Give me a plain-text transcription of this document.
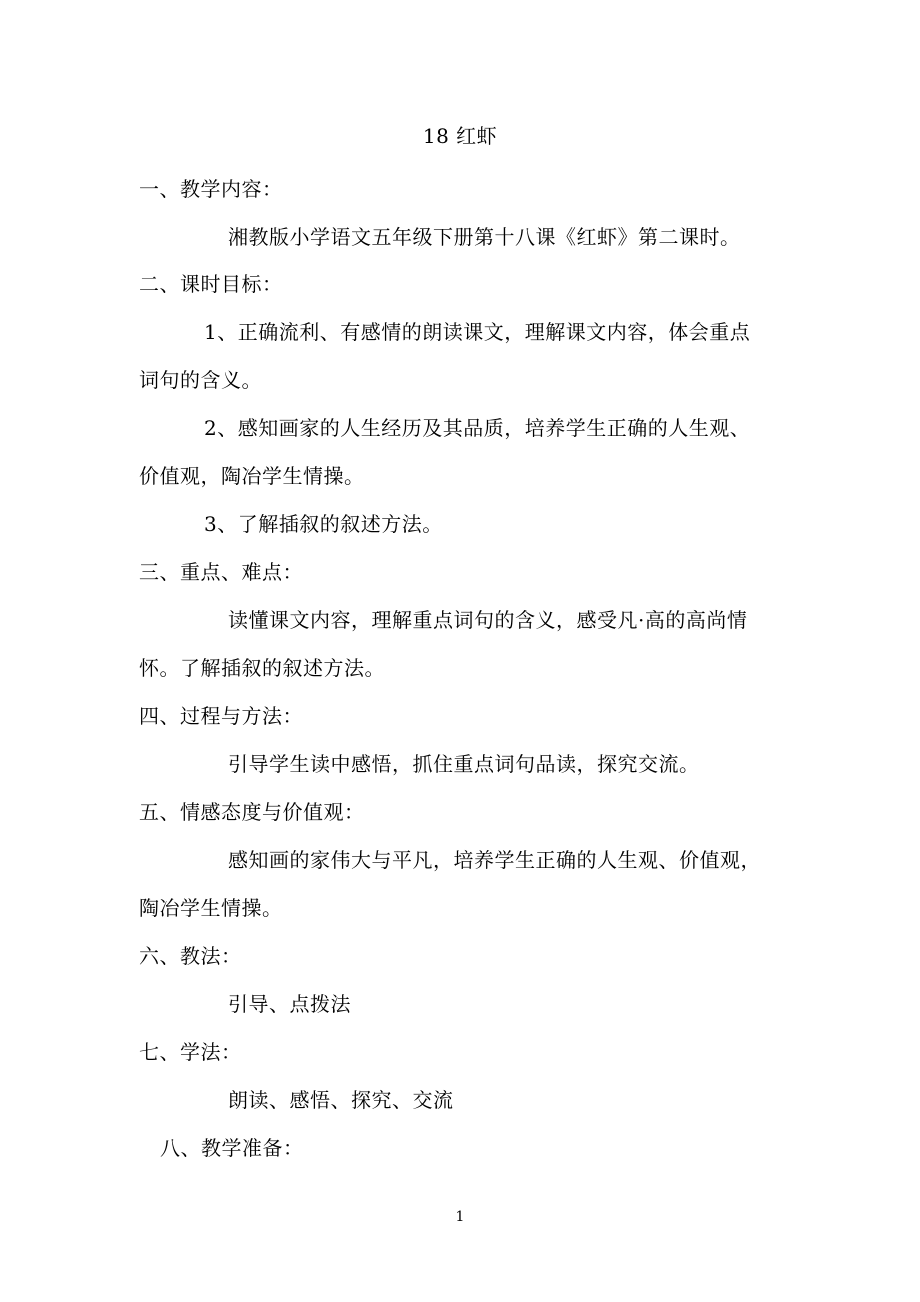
18 红虾
一、教学内容：
湘教版小学语文五年级下册第十八课《红虾》第二课时。
二、课时目标：
1、正确流利、有感情的朗读课文，理解课文内容，体会重点
词句的含义。
2、感知画家的人生经历及其品质，培养学生正确的人生观、
价值观，陶冶学生情操。
3、了解插叙的叙述方法。
三、重点、难点：
读懂课文内容，理解重点词句的含义，感受凡·高的高尚情
怀。了解插叙的叙述方法。
四、过程与方法：
引导学生读中感悟，抓住重点词句品读，探究交流。
五、情感态度与价值观：
感知画的家伟大与平凡，培养学生正确的人生观、价值观，
陶冶学生情操。
六、教法：
引导、点拨法
七、学法：
朗读、感悟、探究、交流
八、教学准备：
1
